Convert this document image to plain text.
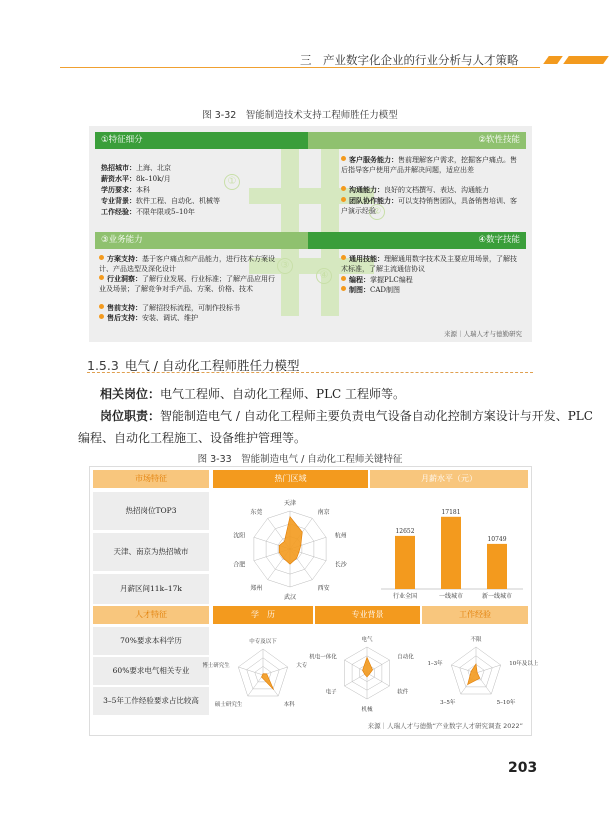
三　产业数字化企业的行业分析与人才策略
图 3-32　智能制造技术支持工程师胜任力模型
①特征细分	②软性技能
③业务能力	④数字技能
①
②
③
④
热招城市：上海、北京
薪资水平：8k–10k/月
学历要求：本科
专业背景：软件工程、自动化、机械等
工作经验：不限年限或5–10年
客户服务能力：售前理解客户需求，挖掘客户痛点。售后指导客户使用产品并解决问题，适应出差
沟通能力：良好的文档撰写、表达、沟通能力
团队协作能力：可以支持销售团队，具备销售培训、客户演示经验
方案支持：基于客户痛点和产品能力，进行技术方案设计、产品选型及深化设计
行业洞察：了解行业发展、行业标准；了解产品应用行业及场景；了解竞争对手产品、方案、价格、技术
售前支持：了解招投标流程，可制作投标书
售后支持：安装、调试、维护
通用技能：理解通用数字技术及主要应用场景，了解技术标准，了解主流通信协议
编程：掌握PLC编程
制图：CAD制图
来源｜人瑞人才与德勤研究
1.5.3 电气 / 自动化工程师胜任力模型
相关岗位：电气工程师、自动化工程师、PLC 工程师等。
岗位职责：智能制造电气 / 自动化工程师主要负责电气设备自动化控制方案设计与开发、PLC
编程、自动化工程施工、设备维护管理等。
图 3-33　智能制造电气 / 自动化工程师关键特征
市场特征	热门区域	月薪水平（元）
热招岗位TOP3
天津、南京为热招城市
月薪区间11k–17k
天津
南京
杭州
长沙
西安
武汉
郑州
合肥
沈阳
东莞
12652
行业全国
17181
一线城市
10749
新一线城市
人才特征	学　历	专业背景	工作经验
70%要求本科学历
60%要求电气相关专业
3–5年工作经验要求占比较高
中专及以下
大专
本科
硕士研究生
博士研究生
电气
自动化
软件
机械
电子
机电一体化
不限
10年及以上
5–10年
3–5年
1–3年
来源｜人瑞人才与德勤“产业数字人才研究调查 2022”
203
